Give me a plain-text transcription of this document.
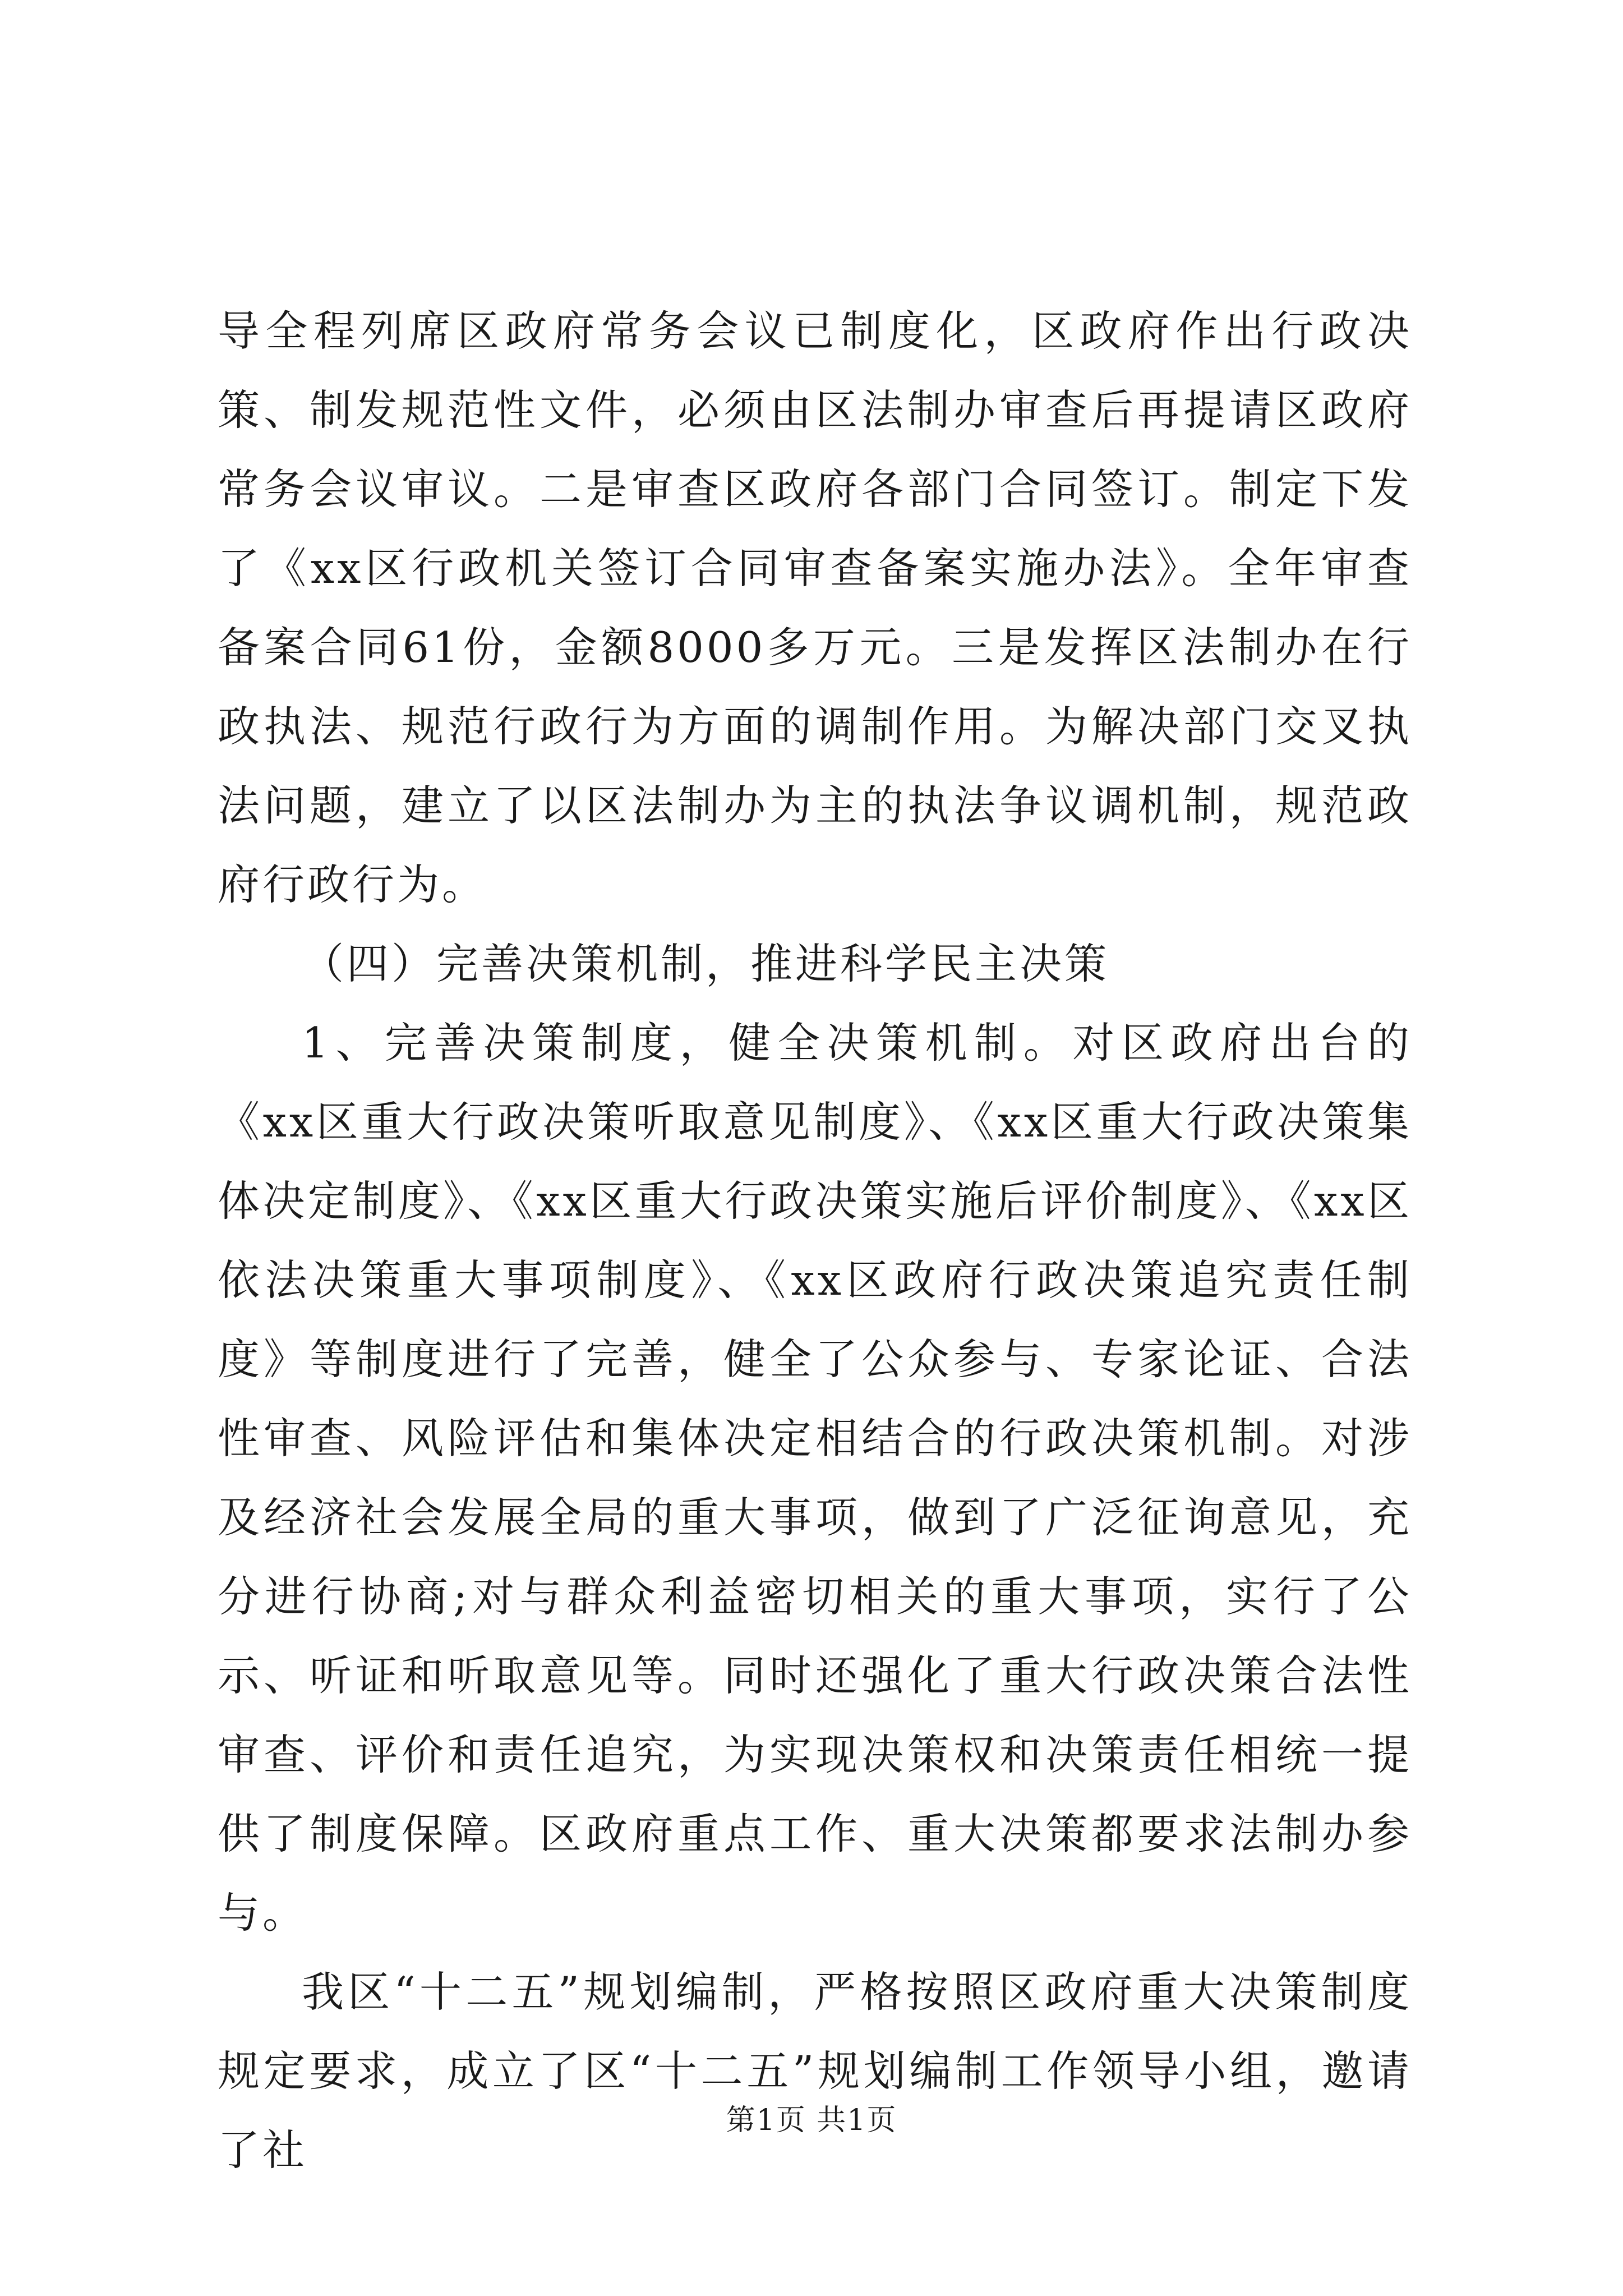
导全程列席区政府常务会议已制度化，区政府作出行政决策、制发规范性文件，必须由区法制办审查后再提请区政府常务会议审议。二是审查区政府各部门合同签订。制定下发了《xx区行政机关签订合同审查备案实施办法》。全年审查备案合同61份，金额8000多万元。三是发挥区法制办在行政执法、规范行政行为方面的调制作用。为解决部门交叉执法问题，建立了以区法制办为主的执法争议调机制，规范政府行政行为。

（四）完善决策机制，推进科学民主决策

1、完善决策制度，健全决策机制。对区政府出台的《xx区重大行政决策听取意见制度》、《xx区重大行政决策集体决定制度》、《xx区重大行政决策实施后评价制度》、《xx区依法决策重大事项制度》、《xx区政府行政决策追究责任制度》等制度进行了完善，健全了公众参与、专家论证、合法性审查、风险评估和集体决定相结合的行政决策机制。对涉及经济社会发展全局的重大事项，做到了广泛征询意见，充分进行协商;对与群众利益密切相关的重大事项，实行了公示、听证和听取意见等。同时还强化了重大行政决策合法性审查、评价和责任追究，为实现决策权和决策责任相统一提供了制度保障。区政府重点工作、重大决策都要求法制办参与。

我区“十二五”规划编制，严格按照区政府重大决策制度规定要求，成立了区“十二五”规划编制工作领导小组，邀请了社

第1页 共1页
